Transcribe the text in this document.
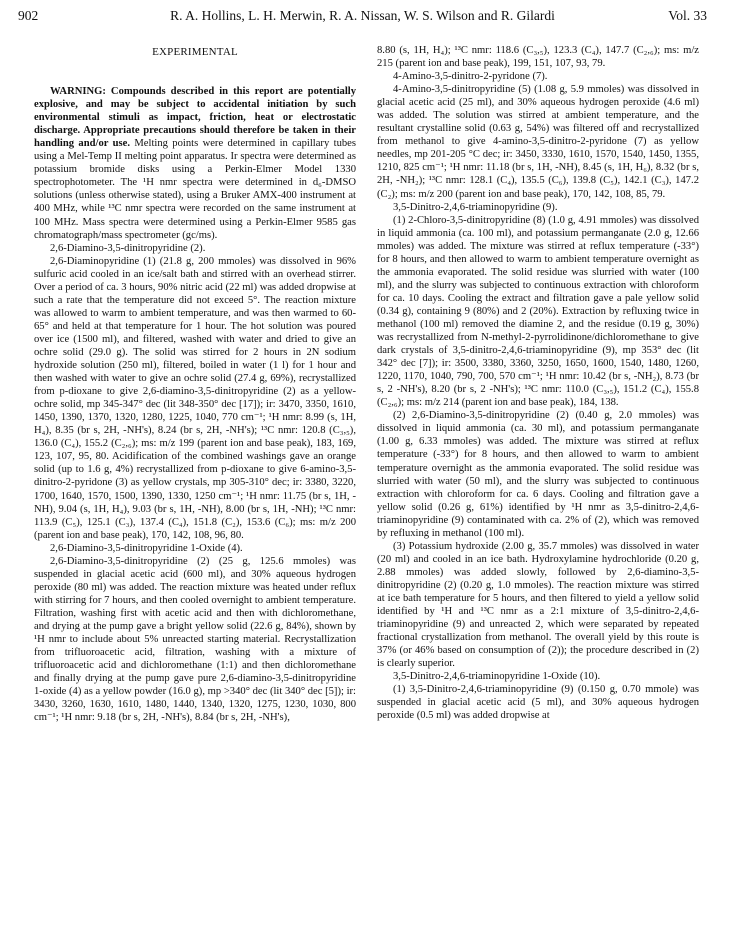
902	R. A. Hollins, L. H. Merwin, R. A. Nissan, W. S. Wilson and R. Gilardi	Vol. 33
EXPERIMENTAL

WARNING: Compounds described in this report are potentially explosive, and may be subject to accidental initiation by such environmental stimuli as impact, friction, heat or electrostatic discharge. Appropriate precautions should therefore be taken in their handling and/or use. Melting points were determined in capillary tubes using a Mel-Temp II melting point apparatus. Ir spectra were determined as potassium bromide disks using a Perkin-Elmer Model 1330 spectrophotometer. The ¹H nmr spectra were determined in d₆-DMSO solutions (unless otherwise stated), using a Bruker AMX-400 instrument at 400 MHz, while ¹³C nmr spectra were recorded on the same instrument at 100 MHz. Mass spectra were determined using a Perkin-Elmer 9585 gas chromatograph/mass spectrometer (gc/ms).

2,6-Diamino-3,5-dinitropyridine (2).

2,6-Diaminopyridine (1) (21.8 g, 200 mmoles) was dissolved in 96% sulfuric acid cooled in an ice/salt bath and stirred with an overhead stirrer. Over a period of ca. 3 hours, 90% nitric acid (22 ml) was added dropwise at such a rate that the temperature did not exceed 5°. The reaction mixture was allowed to warm to ambient temperature, and was then warmed to 60-65° and held at that temperature for 1 hour. The hot solution was poured over ice (1500 ml), and filtered, washed with water and dried to give an ochre solid (29.0 g). The solid was stirred for 2 hours in 2N sodium hydroxide solution (250 ml), filtered, boiled in water (1 l) for 1 hour and then washed with water to give an ochre solid (27.4 g, 69%), recrystallized from p-dioxane to give 2,6-diamino-3,5-dinitropyridine (2) as a yellow-ochre solid, mp 345-347° dec (lit 348-350° dec [17]); ir: 3470, 3350, 1610, 1450, 1390, 1370, 1320, 1280, 1225, 1040, 770 cm⁻¹; ¹H nmr: 8.99 (s, 1H, H₄), 8.35 (br s, 2H, -NH's), 8.24 (br s, 2H, -NH's); ¹³C nmr: 120.8 (C₃,₅), 136.0 (C₄), 155.2 (C₂,₆); ms: m/z 199 (parent ion and base peak), 183, 169, 123, 107, 95, 80. Acidification of the combined washings gave an orange solid (up to 1.6 g, 4%) recrystallized from p-dioxane to give 6-amino-3,5-dinitro-2-pyridone (3) as yellow crystals, mp 305-310° dec; ir: 3380, 3220, 1700, 1640, 1570, 1500, 1390, 1330, 1250 cm⁻¹; ¹H nmr: 11.75 (br s, 1H, -NH), 9.04 (s, 1H, H₄), 9.03 (br s, 1H, -NH), 8.00 (br s, 1H, -NH); ¹³C nmr: 113.9 (C₅), 125.1 (C₃), 137.4 (C₄), 151.8 (C₂), 153.6 (C₆); ms: m/z 200 (parent ion and base peak), 170, 142, 108, 96, 80.

2,6-Diamino-3,5-dinitropyridine 1-Oxide (4).

2,6-Diamino-3,5-dinitropyridine (2) (25 g, 125.6 mmoles) was suspended in glacial acetic acid (600 ml), and 30% aqueous hydrogen peroxide (80 ml) was added. The reaction mixture was heated under reflux with stirring for 7 hours, and then cooled overnight to ambient temperature. Filtration, washing first with acetic acid and then with dichloromethane, and drying at the pump gave a bright yellow solid (22.6 g, 84%), shown by ¹H nmr to include about 5% unreacted starting material. Recrystallization from trifluoroacetic acid, filtration, washing with a mixture of trifluoroacetic acid and dichloromethane (1:1) and then dichloromethane and finally drying at the pump gave pure 2,6-diamino-3,5-dinitropyridine 1-oxide (4) as a yellow powder (16.0 g), mp >340° dec (lit 340° dec [5]); ir: 3430, 3260, 1630, 1610, 1480, 1440, 1340, 1320, 1275, 1230, 1030, 800 cm⁻¹; ¹H nmr: 9.18 (br s, 2H, -NH's), 8.84 (br s, 2H, -NH's),

8.80 (s, 1H, H₄); ¹³C nmr: 118.6 (C₃,₅), 123.3 (C₄), 147.7 (C₂,₆); ms: m/z 215 (parent ion and base peak), 199, 151, 107, 93, 79.

4-Amino-3,5-dinitro-2-pyridone (7).

4-Amino-3,5-dinitropyridine (5) (1.08 g, 5.9 mmoles) was dissolved in glacial acetic acid (25 ml), and 30% aqueous hydrogen peroxide (4.6 ml) was added. The solution was stirred at ambient temperature, and the resultant crystalline solid (0.63 g, 54%) was filtered off and recrystallized from methanol to give 4-amino-3,5-dinitro-2-pyridone (7) as yellow needles, mp 201-205 °C dec; ir: 3450, 3330, 1610, 1570, 1540, 1450, 1355, 1210, 825 cm⁻¹; ¹H nmr: 11.18 (br s, 1H, -NH), 8.45 (s, 1H, H₆), 8.32 (br s, 2H, -NH₂); ¹³C nmr: 128.1 (C₄), 135.5 (C₆), 139.8 (C₅), 142.1 (C₃), 147.2 (C₂); ms: m/z 200 (parent ion and base peak), 170, 142, 108, 85, 79.

3,5-Dinitro-2,4,6-triaminopyridine (9).

(1) 2-Chloro-3,5-dinitropyridine (8) (1.0 g, 4.91 mmoles) was dissolved in liquid ammonia (ca. 100 ml), and potassium permanganate (2.0 g, 12.66 mmoles) was added. The mixture was stirred at reflux temperature (-33°) for 8 hours, and then allowed to warm to ambient temperature overnight as the ammonia evaporated. The solid residue was slurried with water (100 ml), and the slurry was subjected to continuous extraction with chloroform for ca. 10 days. Cooling the extract and filtration gave a pale yellow solid (0.34 g), containing 9 (80%) and 2 (20%). Extraction by refluxing twice in methanol (100 ml) removed the diamine 2, and the residue (0.19 g, 30%) was recrystallized from N-methyl-2-pyrrolidinone/dichloromethane to give dark crystals of 3,5-dinitro-2,4,6-triaminopyridine (9), mp 353° dec (lit 342° dec [7]); ir: 3500, 3380, 3360, 3250, 1650, 1600, 1540, 1480, 1260, 1220, 1170, 1040, 790, 700, 570 cm⁻¹; ¹H nmr: 10.42 (br s, -NH₂), 8.73 (br s, 2 -NH's), 8.20 (br s, 2 -NH's); ¹³C nmr: 110.0 (C₃,₅), 151.2 (C₄), 155.8 (C₂,₆); ms: m/z 214 (parent ion and base peak), 184, 138.

(2) 2,6-Diamino-3,5-dinitropyridine (2) (0.40 g, 2.0 mmoles) was dissolved in liquid ammonia (ca. 30 ml), and potassium permanganate (1.00 g, 6.33 mmoles) was added. The mixture was stirred at reflux temperature (-33°) for 8 hours, and then allowed to warm to ambient temperature overnight as the ammonia evaporated. The solid residue was slurried with water (50 ml), and the slurry was subjected to continuous extraction with chloroform for ca. 6 days. Cooling and filtration gave a yellow solid (0.26 g, 61%) identified by ¹H nmr as 3,5-dinitro-2,4,6-triaminopyridine (9) contaminated with ca. 2% of (2), which was removed by refluxing in methanol (100 ml).

(3) Potassium hydroxide (2.00 g, 35.7 mmoles) was dissolved in water (20 ml) and cooled in an ice bath. Hydroxylamine hydrochloride (0.20 g, 2.88 mmoles) was added slowly, followed by 2,6-diamino-3,5-dinitropyridine (2) (0.20 g, 1.0 mmoles). The reaction mixture was stirred at ice bath temperature for 5 hours, and then filtered to yield a yellow solid identified by ¹H and ¹³C nmr as a 2:1 mixture of 3,5-dinitro-2,4,6-triaminopyridine (9) and unreacted 2, which were separated by repeated fractional crystallization from methanol. The overall yield by this route is 37% (or 46% based on consumption of (2)); the procedure described in (2) is clearly superior.

3,5-Dinitro-2,4,6-triaminopyridine 1-Oxide (10).

(1) 3,5-Dinitro-2,4,6-triaminopyridine (9) (0.150 g, 0.70 mmole) was suspended in glacial acetic acid (5 ml), and 30% aqueous hydrogen peroxide (0.5 ml) was added dropwise at
